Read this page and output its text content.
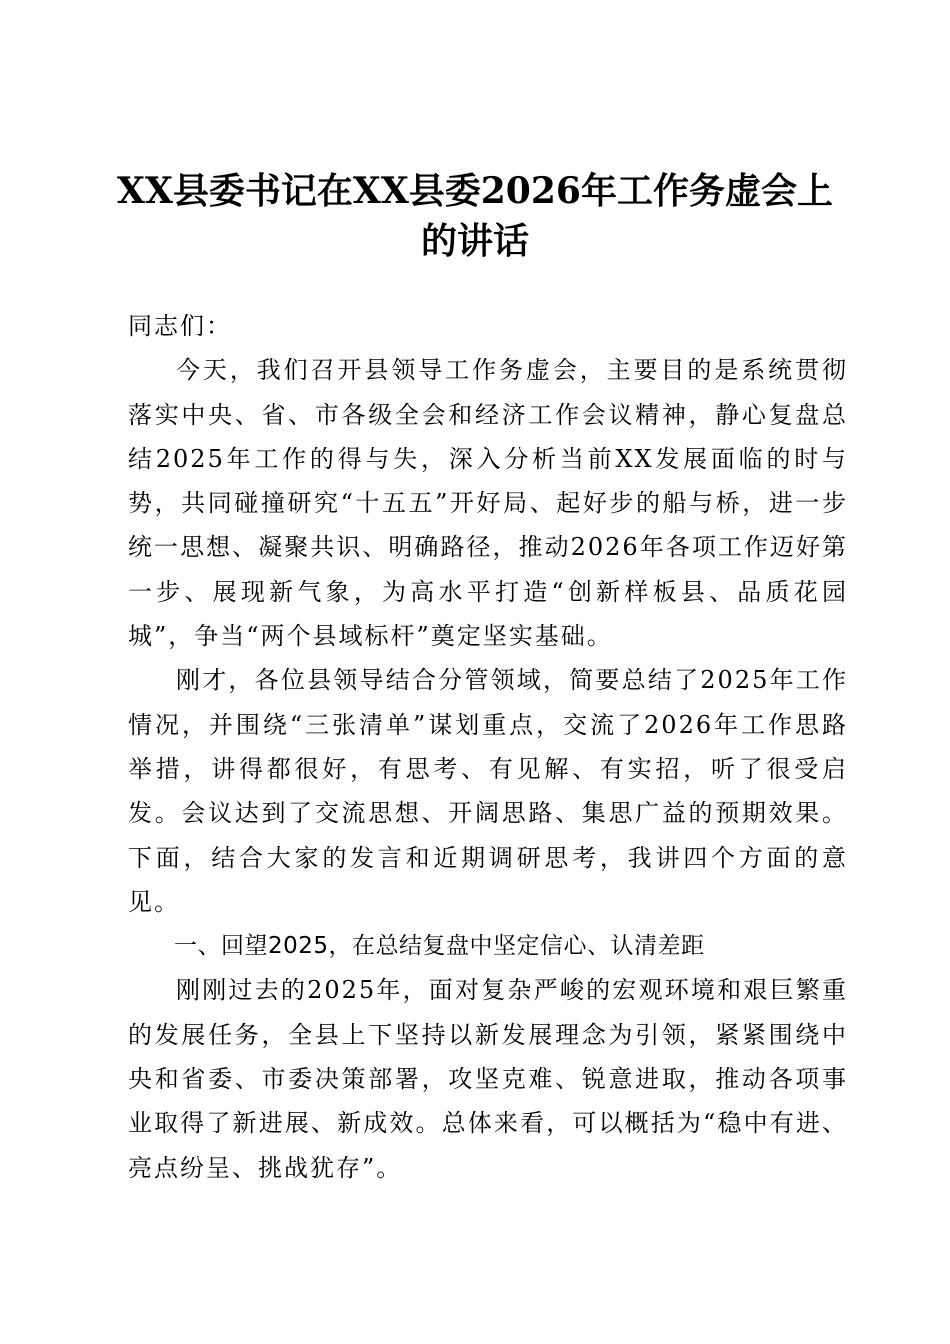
XX县委书记在XX县委2026年工作务虚会上的讲话

同志们：

今天，我们召开县领导工作务虚会，主要目的是系统贯彻落实中央、省、市各级全会和经济工作会议精神，静心复盘总结2025年工作的得与失，深入分析当前XX发展面临的时与势，共同碰撞研究“十五五”开好局、起好步的船与桥，进一步统一思想、凝聚共识、明确路径，推动2026年各项工作迈好第一步、展现新气象，为高水平打造“创新样板县、品质花园城”，争当“两个县域标杆”奠定坚实基础。

刚才，各位县领导结合分管领域，简要总结了2025年工作情况，并围绕“三张清单”谋划重点，交流了2026年工作思路举措，讲得都很好，有思考、有见解、有实招，听了很受启发。会议达到了交流思想、开阔思路、集思广益的预期效果。下面，结合大家的发言和近期调研思考，我讲四个方面的意见。

一、回望2025，在总结复盘中坚定信心、认清差距

刚刚过去的2025年，面对复杂严峻的宏观环境和艰巨繁重的发展任务，全县上下坚持以新发展理念为引领，紧紧围绕中央和省委、市委决策部署，攻坚克难、锐意进取，推动各项事业取得了新进展、新成效。总体来看，可以概括为“稳中有进、亮点纷呈、挑战犹存”。
